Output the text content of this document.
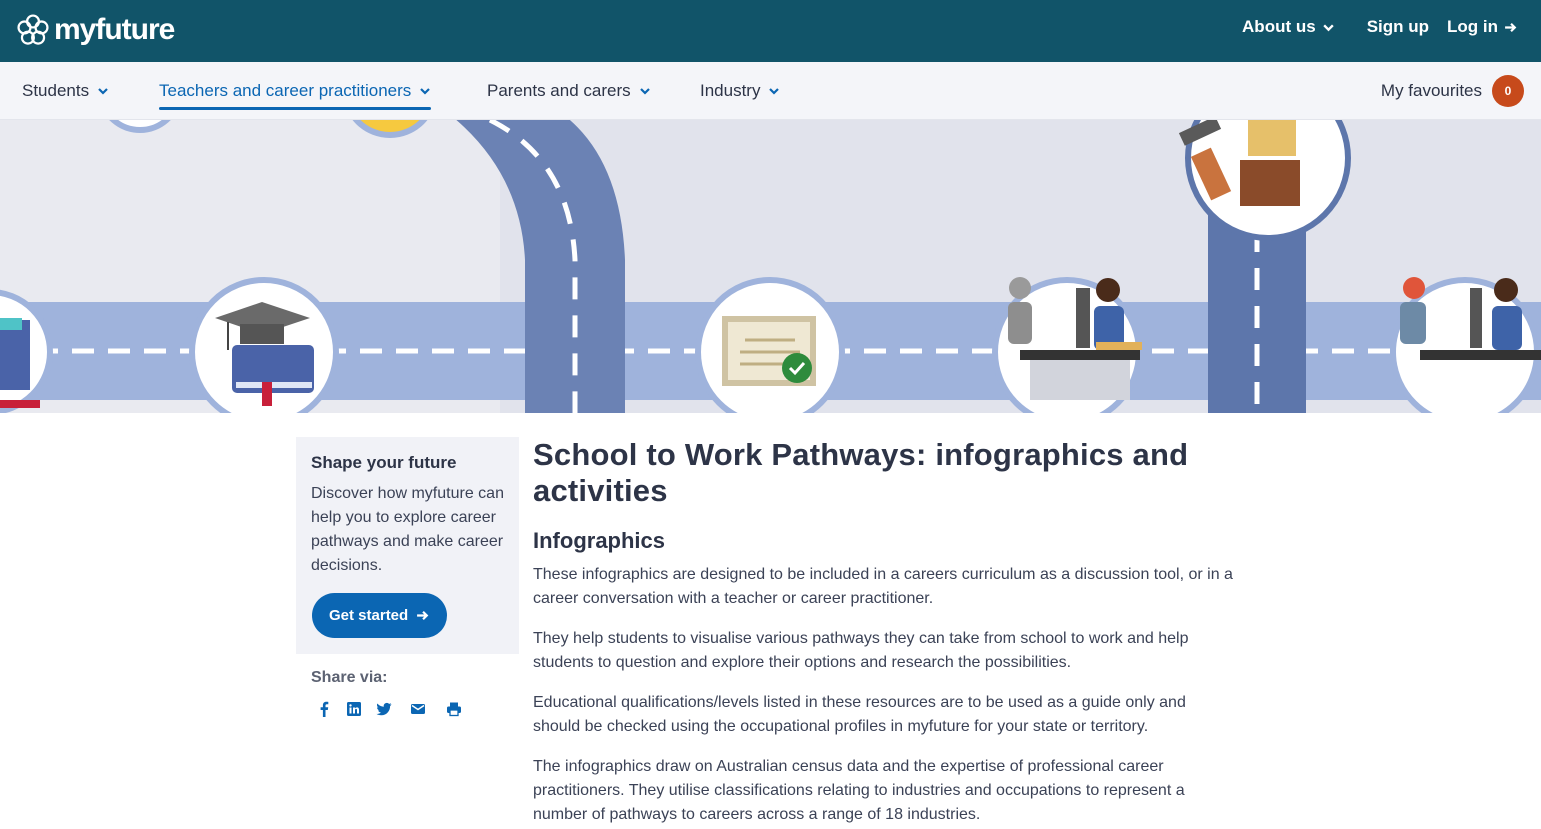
myfuture	About us	Sign up Log in
Students	Teachers and career practitioners	Parents and carers	Industry	My favourites	0
Shape your future
Discover how myfuture can help you to explore career pathways and make career decisions.
Get started
Share via:
School to Work Pathways: infographics and activities
Infographics

These infographics are designed to be included in a careers curriculum as a discussion tool, or in a career conversation with a teacher or career practitioner.

They help students to visualise various pathways they can take from school to work and help students to question and explore their options and research the possibilities.

Educational qualifications/levels listed in these resources are to be used as a guide only and should be checked using the occupational profiles in myfuture for your state or territory.

The infographics draw on Australian census data and the expertise of professional career practitioners. They utilise classifications relating to industries and occupations to represent a number of pathways to careers across a range of 18 industries.
